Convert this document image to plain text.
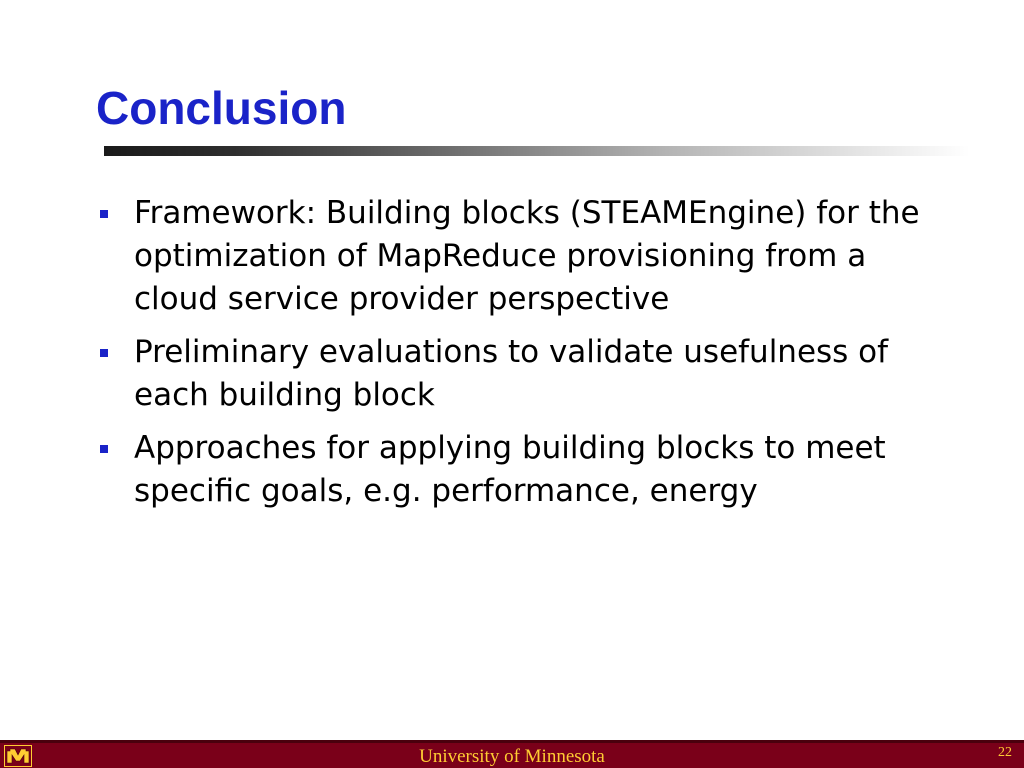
Conclusion
Framework: Building blocks (STEAMEngine) for the optimization of MapReduce provisioning from a cloud service provider perspective
Preliminary evaluations to validate usefulness of each building block
Approaches for applying building blocks to meet specific goals, e.g. performance, energy
University of Minnesota	22
